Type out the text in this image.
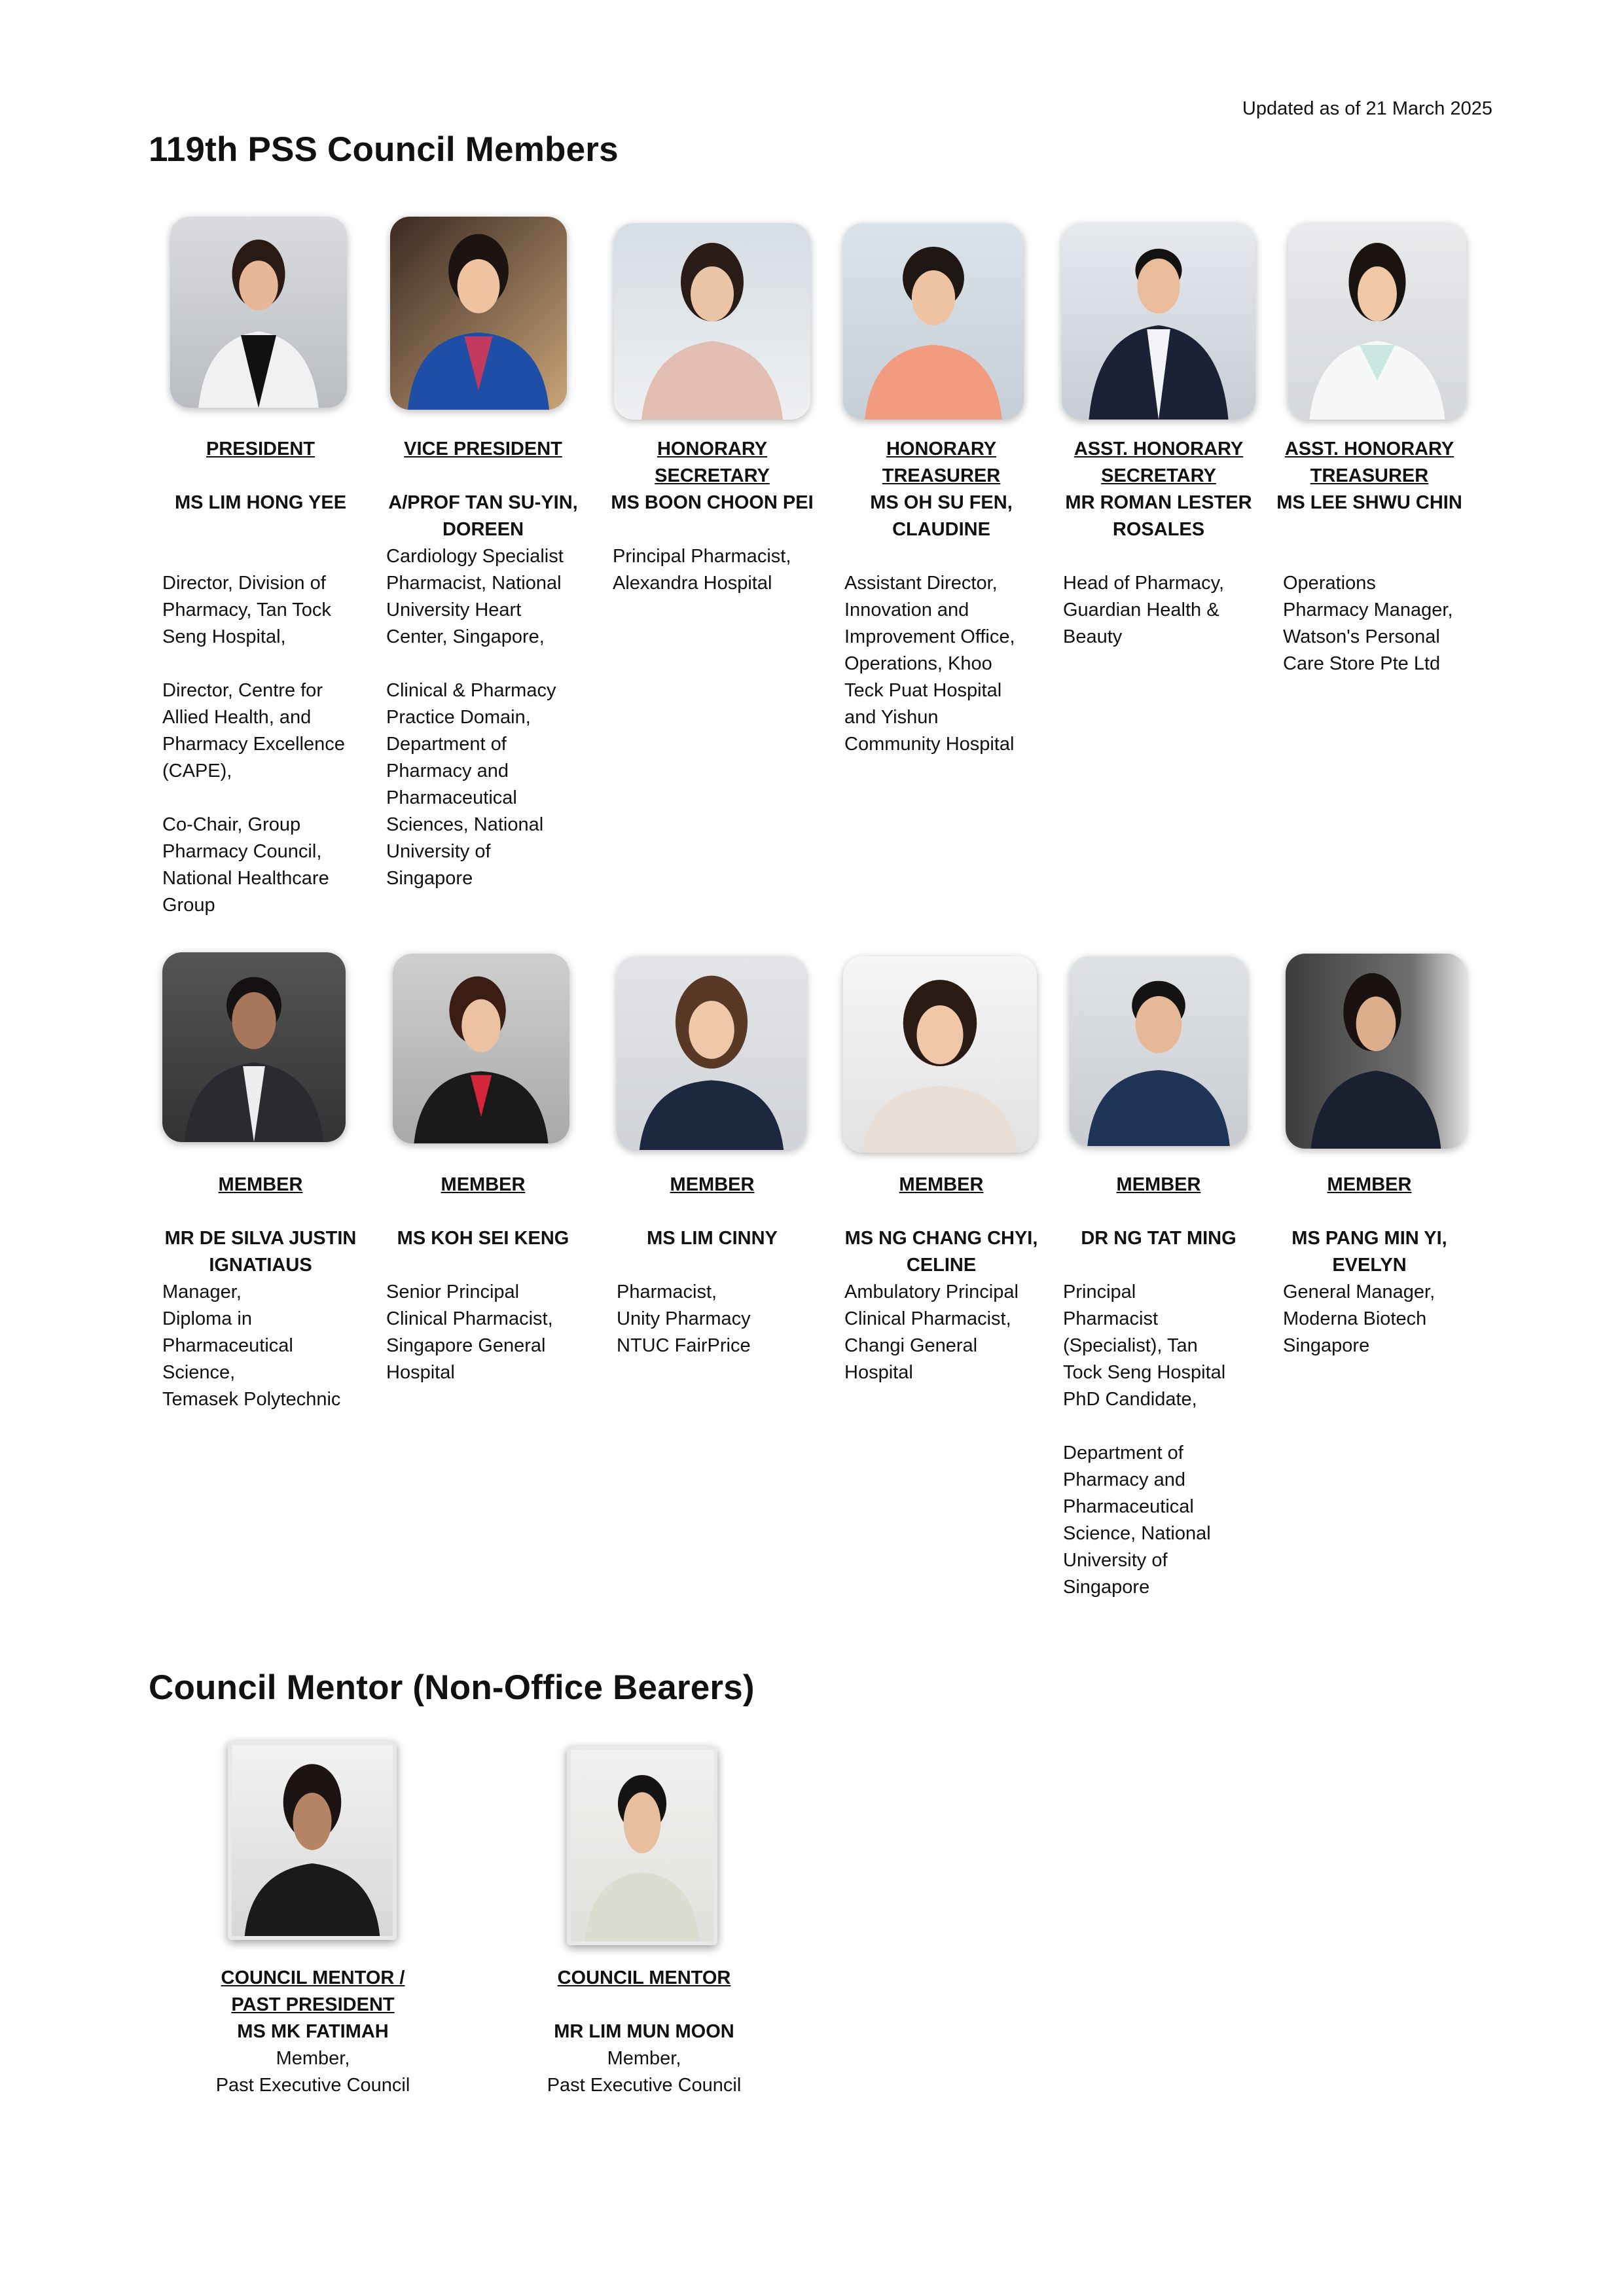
Updated as of 21 March 2025
119th PSS Council Members
PRESIDENT
MS LIM HONG YEE
Director, Division of
Pharmacy, Tan Tock
Seng Hospital,

Director, Centre for
Allied Health, and
Pharmacy Excellence
(CAPE),

Co-Chair, Group
Pharmacy Council,
National Healthcare
Group
VICE PRESIDENT
A/PROF TAN SU-YIN,
DOREEN
Cardiology Specialist
Pharmacist, National
University Heart
Center, Singapore,

Clinical & Pharmacy
Practice Domain,
Department of
Pharmacy and
Pharmaceutical
Sciences, National
University of
Singapore
HONORARY
SECRETARY
MS BOON CHOON PEI
Principal Pharmacist,
Alexandra Hospital
HONORARY
TREASURER
MS OH SU FEN,
CLAUDINE
Assistant Director,
Innovation and
Improvement Office,
Operations, Khoo
Teck Puat Hospital
and Yishun
Community Hospital
ASST. HONORARY
SECRETARY
MR ROMAN LESTER
ROSALES
Head of Pharmacy,
Guardian Health &
Beauty
ASST. HONORARY
TREASURER
MS LEE SHWU CHIN
Operations
Pharmacy Manager,
Watson's Personal
Care Store Pte Ltd
MEMBER
MR DE SILVA JUSTIN
IGNATIAUS
Manager,
Diploma in
Pharmaceutical
Science,
Temasek Polytechnic
MEMBER
MS KOH SEI KENG
Senior Principal
Clinical Pharmacist,
Singapore General
Hospital
MEMBER
MS LIM CINNY
Pharmacist,
Unity Pharmacy
NTUC FairPrice
MEMBER
MS NG CHANG CHYI,
CELINE
Ambulatory Principal
Clinical Pharmacist,
Changi General
Hospital
MEMBER
DR NG TAT MING
Principal
Pharmacist
(Specialist), Tan
Tock Seng Hospital
PhD Candidate,

Department of
Pharmacy and
Pharmaceutical
Science, National
University of
Singapore
MEMBER
MS PANG MIN YI,
EVELYN
General Manager,
Moderna Biotech
Singapore
Council Mentor (Non-Office Bearers)
COUNCIL MENTOR /
PAST PRESIDENT
MS MK FATIMAH
Member,
Past Executive Council
COUNCIL MENTOR
MR LIM MUN MOON
Member,
Past Executive Council
